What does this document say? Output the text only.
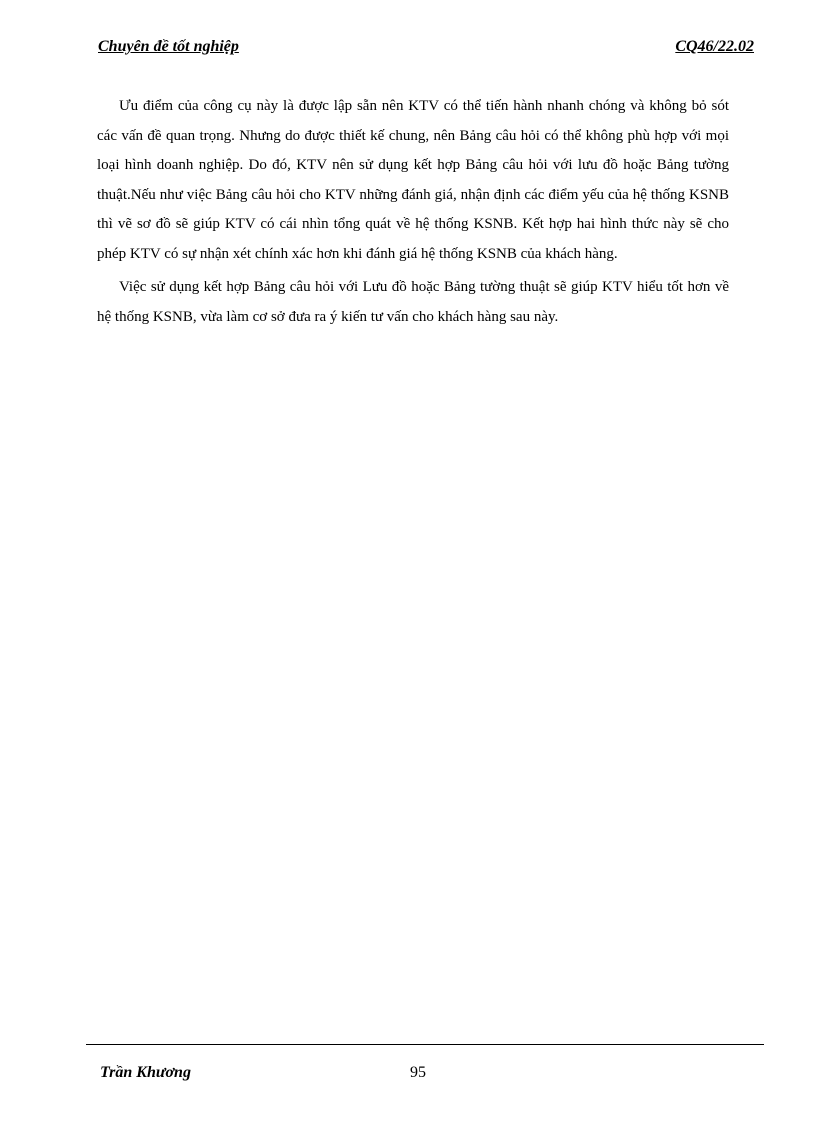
Chuyên đề tốt nghiệp	CQ46/22.02

Ưu điểm của công cụ này là được lập sẵn nên KTV có thể tiến hành nhanh chóng và không bỏ sót các vấn đề quan trọng. Nhưng do được thiết kế chung, nên Bảng câu hỏi có thể không phù hợp với mọi loại hình doanh nghiệp. Do đó, KTV nên sử dụng kết hợp Bảng câu hỏi với lưu đồ hoặc Bảng tường thuật.Nếu như việc Bảng câu hỏi cho KTV những đánh giá, nhận định các điểm yếu của hệ thống KSNB thì vẽ sơ đồ sẽ giúp KTV có cái nhìn tổng quát về hệ thống KSNB. Kết hợp hai hình thức này sẽ cho phép KTV có sự nhận xét chính xác hơn khi đánh giá hệ thống KSNB của khách hàng.

Việc sử dụng kết hợp Bảng câu hỏi với Lưu đồ hoặc Bảng tường thuật sẽ giúp KTV hiểu tốt hơn về hệ thống KSNB, vừa làm cơ sở đưa ra ý kiến tư vấn cho khách hàng sau này.

Trần Khương	95
